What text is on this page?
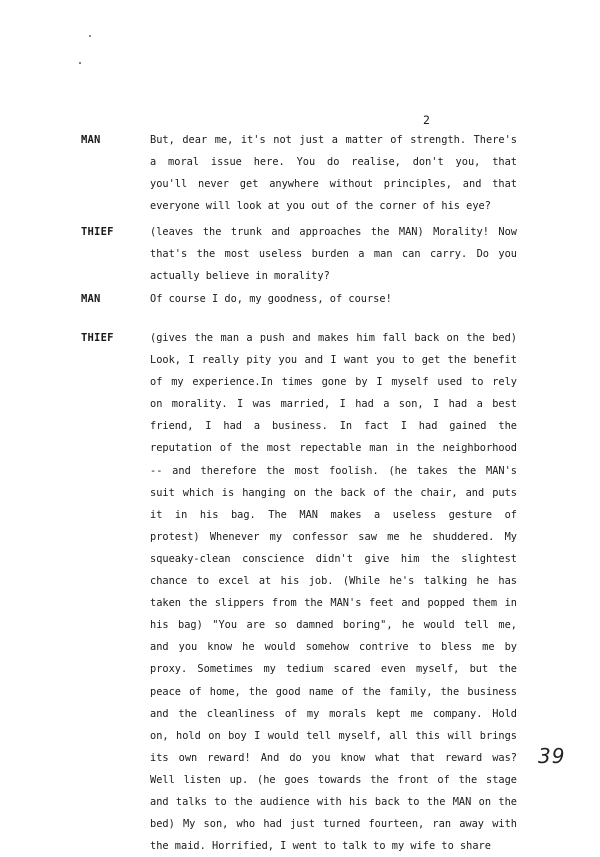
2
MAN	But, dear me, it's not just a matter of strength. There's
a moral issue here. You do realise, don't you, that
you'll never get anywhere without principles, and that
everyone will look at you out of the corner of his eye?
THIEF	(leaves the trunk and approaches the MAN) Morality! Now
that's the most useless burden a man can carry. Do you
actually believe in morality?
MAN	Of course I do, my goodness, of course!
THIEF	(gives the man a push and makes him fall back on the bed)
Look, I really pity you and I want you to get the benefit
of my experience.In times gone by I myself used to rely
on morality. I was married, I had a son, I had a best
friend, I had a business. In fact I had gained the
reputation of the most repectable man in the neighborhood
-- and therefore the most foolish. (he takes the MAN's
suit which is hanging on the back of the chair, and puts
it in his bag. The MAN makes a useless gesture of
protest) Whenever my confessor saw me he shuddered. My
squeaky-clean conscience didn't give him the slightest
chance to excel at his job. (While he's talking he has
taken the slippers from the MAN's feet and popped them in
his bag) "You are so damned boring", he would tell me,
and you know he would somehow contrive to bless me by
proxy. Sometimes my tedium scared even myself, but the
peace of home, the good name of the family, the business
and the cleanliness of my morals kept me company. Hold
on, hold on boy I would tell myself, all this will brings
its own reward! And do you know what that reward was?
Well listen up. (he goes towards the front of the stage
and talks to the audience with his back to the MAN on the
bed) My son, who had just turned fourteen, ran away with
the maid. Horrified, I went to talk to my wife to share
39
